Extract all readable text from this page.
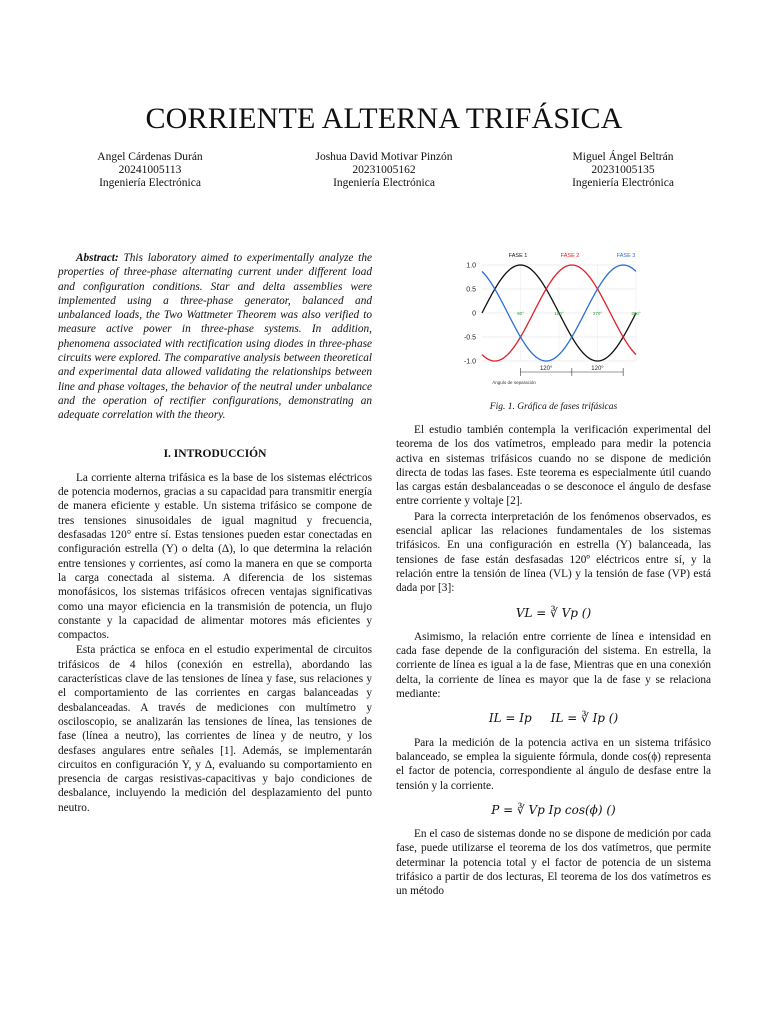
CORRIENTE ALTERNA TRIFÁSICA
Angel Cárdenas Durán
20241005113
Ingeniería Electrónica
Joshua David Motivar Pinzón
20231005162
Ingeniería Electrónica
Miguel Ángel Beltrán
20231005135
Ingeniería Electrónica

Abstract: This laboratory aimed to experimentally analyze the properties of three-phase alternating current under different load and configuration conditions. Star and delta assemblies were implemented using a three-phase generator, balanced and unbalanced loads, the Two Wattmeter Theorem was also verified to measure active power in three-phase systems. In addition, phenomena associated with rectification using diodes in three-phase circuits were explored. The comparative analysis between theoretical and experimental data allowed validating the relationships between line and phase voltages, the behavior of the neutral under unbalance and the operation of rectifier configurations, demonstrating an adequate correlation with the theory.

I. INTRODUCCIÓN

La corriente alterna trifásica es la base de los sistemas eléctricos de potencia modernos, gracias a su capacidad para transmitir energía de manera eficiente y estable. Un sistema trifásico se compone de tres tensiones sinusoidales de igual magnitud y frecuencia, desfasadas 120° entre sí. Estas tensiones pueden estar conectadas en configuración estrella (Y) o delta (Δ), lo que determina la relación entre tensiones y corrientes, así como la manera en que se comporta la carga conectada al sistema. A diferencia de los sistemas monofásicos, los sistemas trifásicos ofrecen ventajas significativas como una mayor eficiencia en la transmisión de potencia, un flujo constante y la capacidad de alimentar motores más eficientes y compactos.

Esta práctica se enfoca en el estudio experimental de circuitos trifásicos de 4 hilos (conexión en estrella), abordando las características clave de las tensiones de línea y fase, sus relaciones y el comportamiento de las corrientes en cargas balanceadas y desbalanceadas. A través de mediciones con multímetro y osciloscopio, se analizarán las tensiones de línea, las tensiones de fase (línea a neutro), las corrientes de línea y de neutro, y los desfases angulares entre señales [1]. Además, se implementarán circuitos en configuración Y, y Δ, evaluando su comportamiento en presencia de cargas resistivas-capacitivas y bajo condiciones de desbalance, incluyendo la medición del desplazamiento del punto neutro.

1.0
0.5
0
-0.5
-1.0
FASE 1	FASE 2	FASE 3
90°	180°	270°	360°
120°	120°
Ángulo de separación
Fig. 1. Gráfica de fases trifásicas

El estudio también contempla la verificación experimental del teorema de los dos vatímetros, empleado para medir la potencia activa en sistemas trifásicos cuando no se dispone de medición directa de todas las fases. Este teorema es especialmente útil cuando las cargas están desbalanceadas o se desconoce el ángulo de desfase entre corriente y voltaje [2].

Para la correcta interpretación de los fenómenos observados, es esencial aplicar las relaciones fundamentales de los sistemas trifásicos. En una configuración en estrella (Y) balanceada, las tensiones de fase están desfasadas 120º eléctricos entre sí, y la relación entre la tensión de línea (VL) y la tensión de fase (VP) está dada por [3]:

VL = ∛ Vp ()

Asimismo, la relación entre corriente de línea e intensidad en cada fase depende de la configuración del sistema. En estrella, la corriente de línea es igual a la de fase, Mientras que en una conexión delta, la corriente de línea es mayor que la de fase y se relaciona mediante:

IL = Ip     IL = ∛ Ip ()

Para la medición de la potencia activa en un sistema trifásico balanceado, se emplea la siguiente fórmula, donde cos(ϕ) representa el factor de potencia, correspondiente al ángulo de desfase entre la tensión y la corriente.

P = ∛ Vp Ip cos(ϕ) ()

En el caso de sistemas donde no se dispone de medición por cada fase, puede utilizarse el teorema de los dos vatímetros, que permite determinar la potencia total y el factor de potencia de un sistema trifásico a partir de dos lecturas, El teorema de los dos vatímetros es un método
